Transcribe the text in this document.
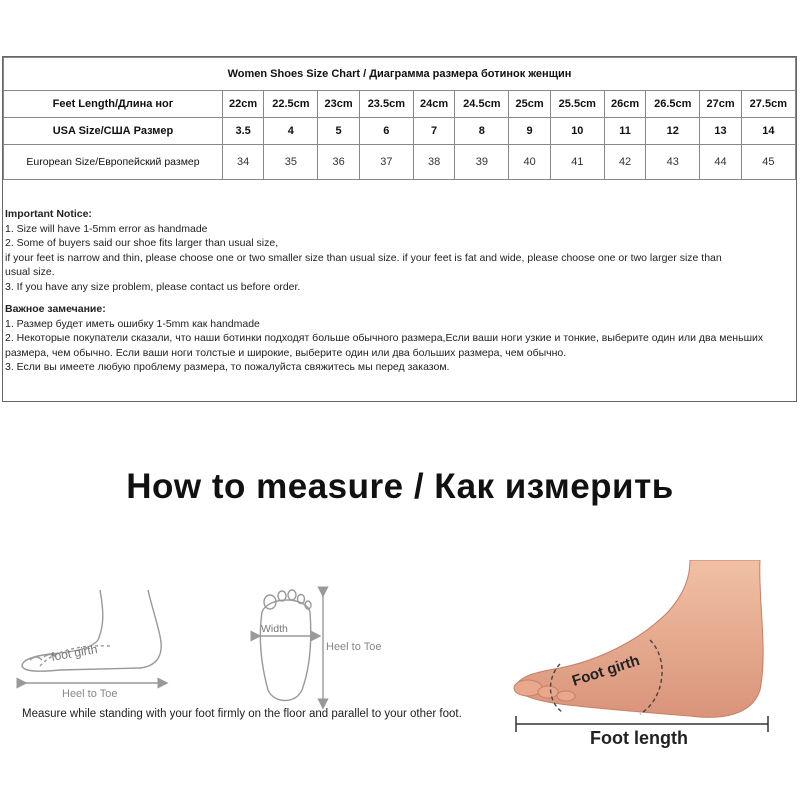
Women Shoes Size Chart / Диаграмма размера ботинок женщин												
Feet Length/Длина ног	22cm	22.5cm	23cm	23.5cm	24cm	24.5cm	25cm	25.5cm	26cm	26.5cm	27cm	27.5cm
USA Size/США Размер	3.5	4	5	6	7	8	9	10	11	12	13	14
European Size/Европейский размер	34	35	36	37	38	39	40	41	42	43	44	45

Important Notice:

1. Size will have 1-5mm error as handmade

2. Some of buyers said our shoe fits larger than usual size,

if your feet is narrow and thin, please choose one or two smaller size than usual size. if your feet is fat and wide, please choose one or two larger size than

usual size.

3. If you have any size problem, please contact us before order.

Важное замечание:

1. Размер будет иметь ошибку 1-5mm как handmade

2. Некоторые покупатели сказали, что наши ботинки подходят больше обычного размера,Если ваши ноги узкие и тонкие, выберите один или два меньших размера, чем обычно. Если ваши ноги толстые и широкие, выберите один или два больших размера, чем обычно.

3. Если вы имеете любую проблему размера, то пожалуйста свяжитесь мы перед заказом.

How to measure / Как измерить
foot girth
Heel to Toe
Width
Heel to Toe
Foot girth
Foot length
Measure while standing with your foot firmly on the floor and parallel to your other foot.
